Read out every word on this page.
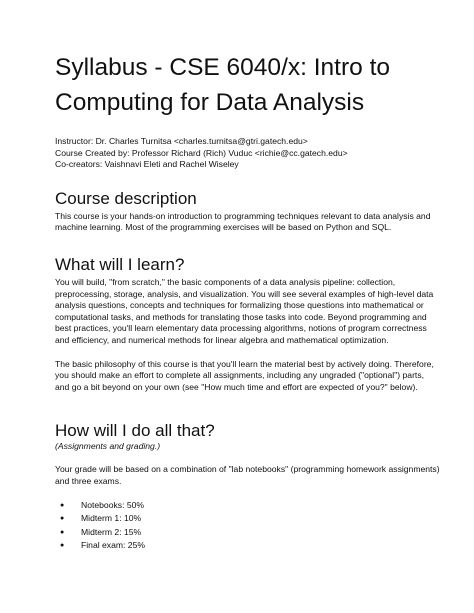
Syllabus - CSE 6040/x: Intro to
Computing for Data Analysis
Instructor: Dr. Charles Turnitsa <charles.turnitsa@gtri.gatech.edu>
Course Created by: Professor Richard (Rich) Vuduc <richie@cc.gatech.edu>
Co-creators: Vaishnavi Eleti and Rachel Wiseley
Course description

This course is your hands-on introduction to programming techniques relevant to data analysis and machine learning. Most of the programming exercises will be based on Python and SQL.

What will I learn?

You will build, "from scratch," the basic components of a data analysis pipeline: collection, preprocessing, storage, analysis, and visualization. You will see several examples of high-level data analysis questions, concepts and techniques for formalizing those questions into mathematical or computational tasks, and methods for translating those tasks into code. Beyond programming and best practices, you'll learn elementary data processing algorithms, notions of program correctness and efficiency, and numerical methods for linear algebra and mathematical optimization.

The basic philosophy of this course is that you'll learn the material best by actively doing. Therefore, you should make an effort to complete all assignments, including any ungraded ("optional") parts, and go a bit beyond on your own (see "How much time and effort are expected of you?" below).

How will I do all that?

(Assignments and grading.)

Your grade will be based on a combination of "lab notebooks" (programming homework assignments) and three exams.

● Notebooks: 50%
● Midterm 1: 10%
● Midterm 2: 15%
● Final exam: 25%
